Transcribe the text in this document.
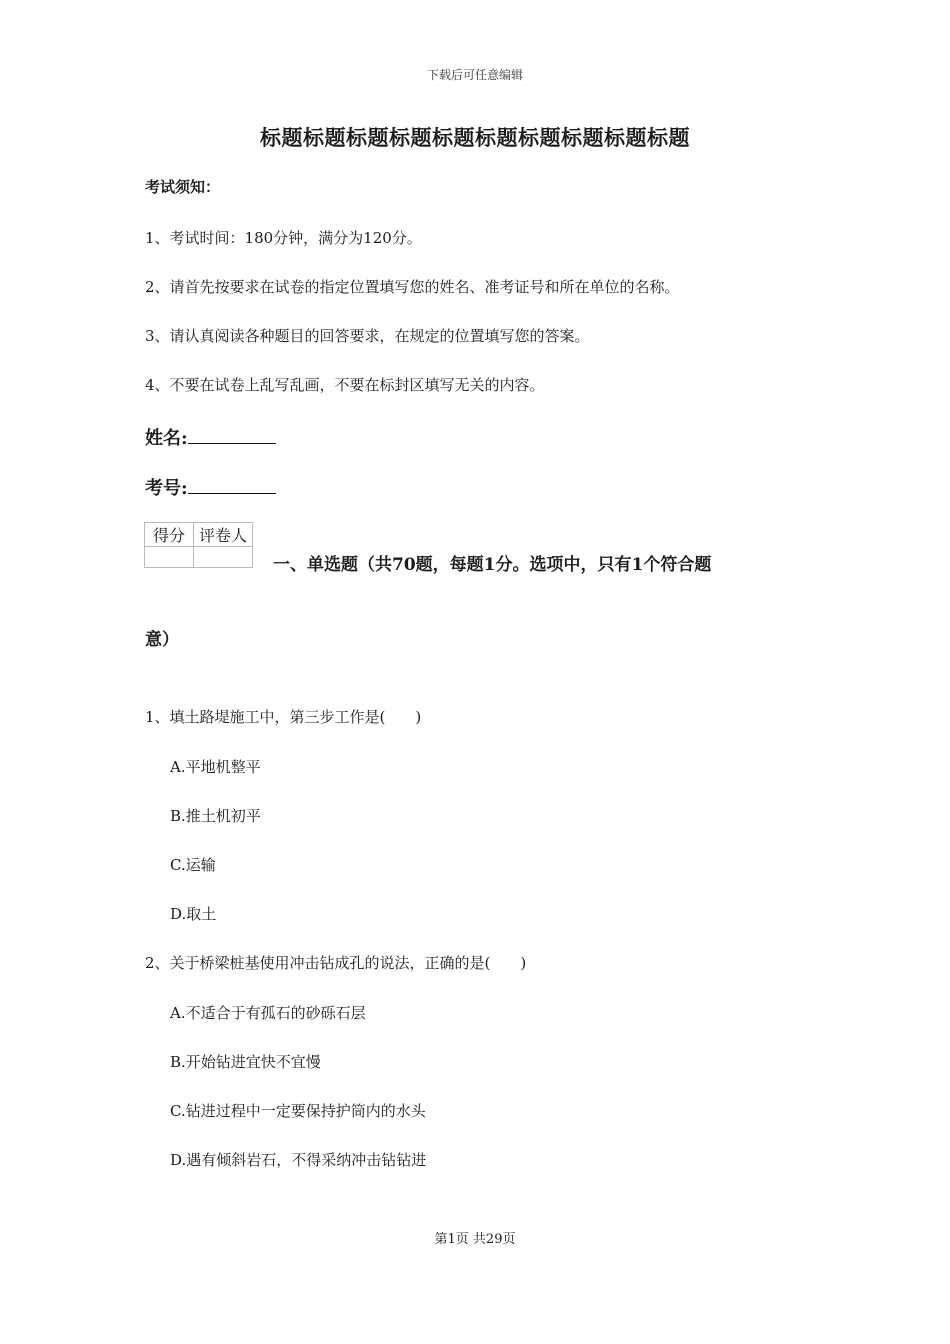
下载后可任意编辑
标题标题标题标题标题标题标题标题标题标题
考试须知：
1、考试时间：180分钟，满分为120分。
2、请首先按要求在试卷的指定位置填写您的姓名、准考证号和所在单位的名称。
3、请认真阅读各种题目的回答要求，在规定的位置填写您的答案。
4、不要在试卷上乱写乱画，不要在标封区填写无关的内容。
姓名:
考号:
得分	评卷人

一、单选题（共70题，每题1分。选项中，只有1个符合题
意）
1、填土路堤施工中，第三步工作是(　　)
A.平地机整平
B.推土机初平
C.运输
D.取土
2、关于桥梁桩基使用冲击钻成孔的说法，正确的是(　　)
A.不适合于有孤石的砂砾石层
B.开始钻进宜快不宜慢
C.钻进过程中一定要保持护筒内的水头
D.遇有倾斜岩石，不得采纳冲击钻钻进
第1页 共29页
